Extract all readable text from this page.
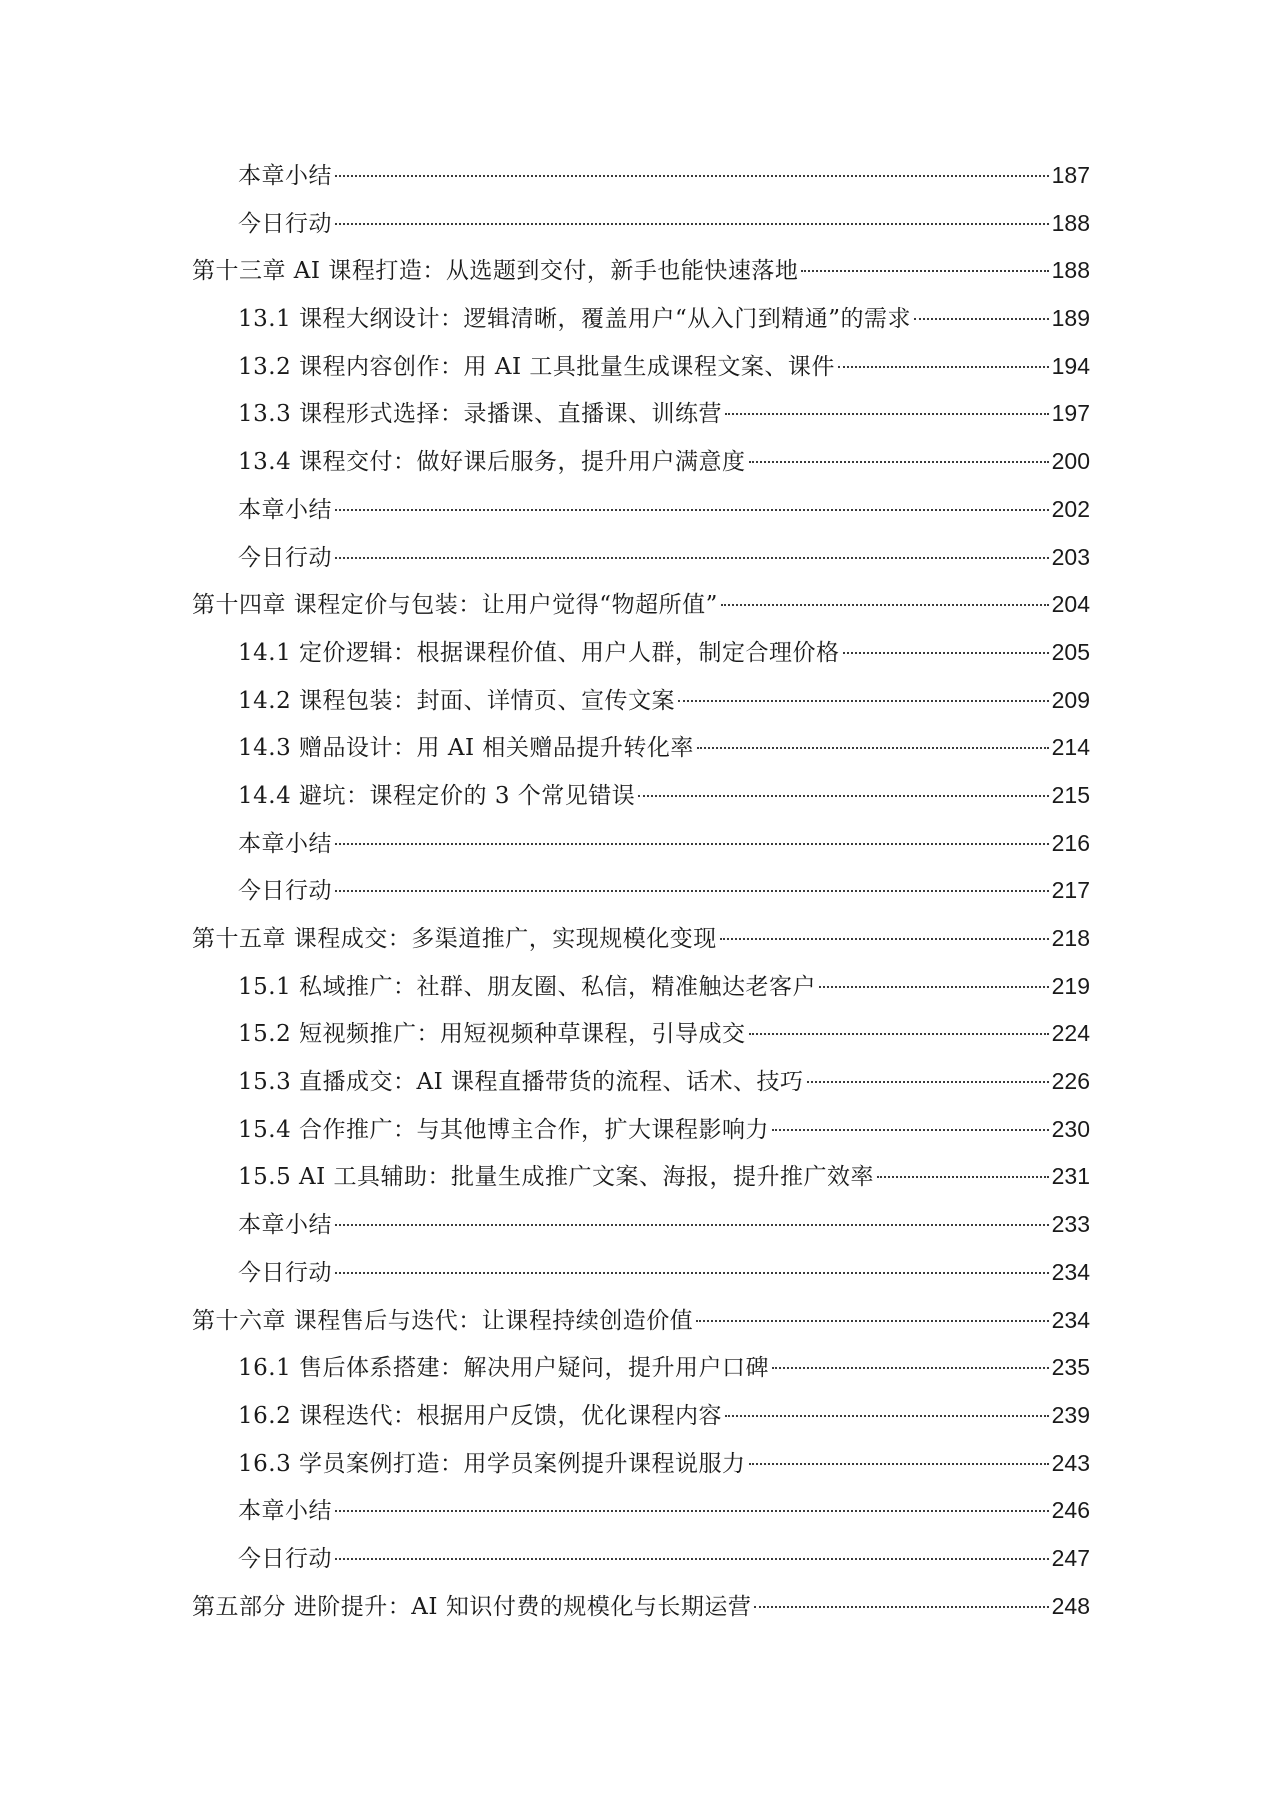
本章小结	187
今日行动	188
第十三章 AI 课程打造：从选题到交付，新手也能快速落地	188
13.1 课程大纲设计：逻辑清晰，覆盖用户“从入门到精通”的需求	189
13.2 课程内容创作：用 AI 工具批量生成课程文案、课件	194
13.3 课程形式选择：录播课、直播课、训练营	197
13.4 课程交付：做好课后服务，提升用户满意度	200
本章小结	202
今日行动	203
第十四章 课程定价与包装：让用户觉得“物超所值”	204
14.1 定价逻辑：根据课程价值、用户人群，制定合理价格	205
14.2 课程包装：封面、详情页、宣传文案	209
14.3 赠品设计：用 AI 相关赠品提升转化率	214
14.4 避坑：课程定价的 3 个常见错误	215
本章小结	216
今日行动	217
第十五章 课程成交：多渠道推广，实现规模化变现	218
15.1 私域推广：社群、朋友圈、私信，精准触达老客户	219
15.2 短视频推广：用短视频种草课程，引导成交	224
15.3 直播成交：AI 课程直播带货的流程、话术、技巧	226
15.4 合作推广：与其他博主合作，扩大课程影响力	230
15.5 AI 工具辅助：批量生成推广文案、海报，提升推广效率	231
本章小结	233
今日行动	234
第十六章 课程售后与迭代：让课程持续创造价值	234
16.1 售后体系搭建：解决用户疑问，提升用户口碑	235
16.2 课程迭代：根据用户反馈，优化课程内容	239
16.3 学员案例打造：用学员案例提升课程说服力	243
本章小结	246
今日行动	247
第五部分 进阶提升：AI 知识付费的规模化与长期运营	248
